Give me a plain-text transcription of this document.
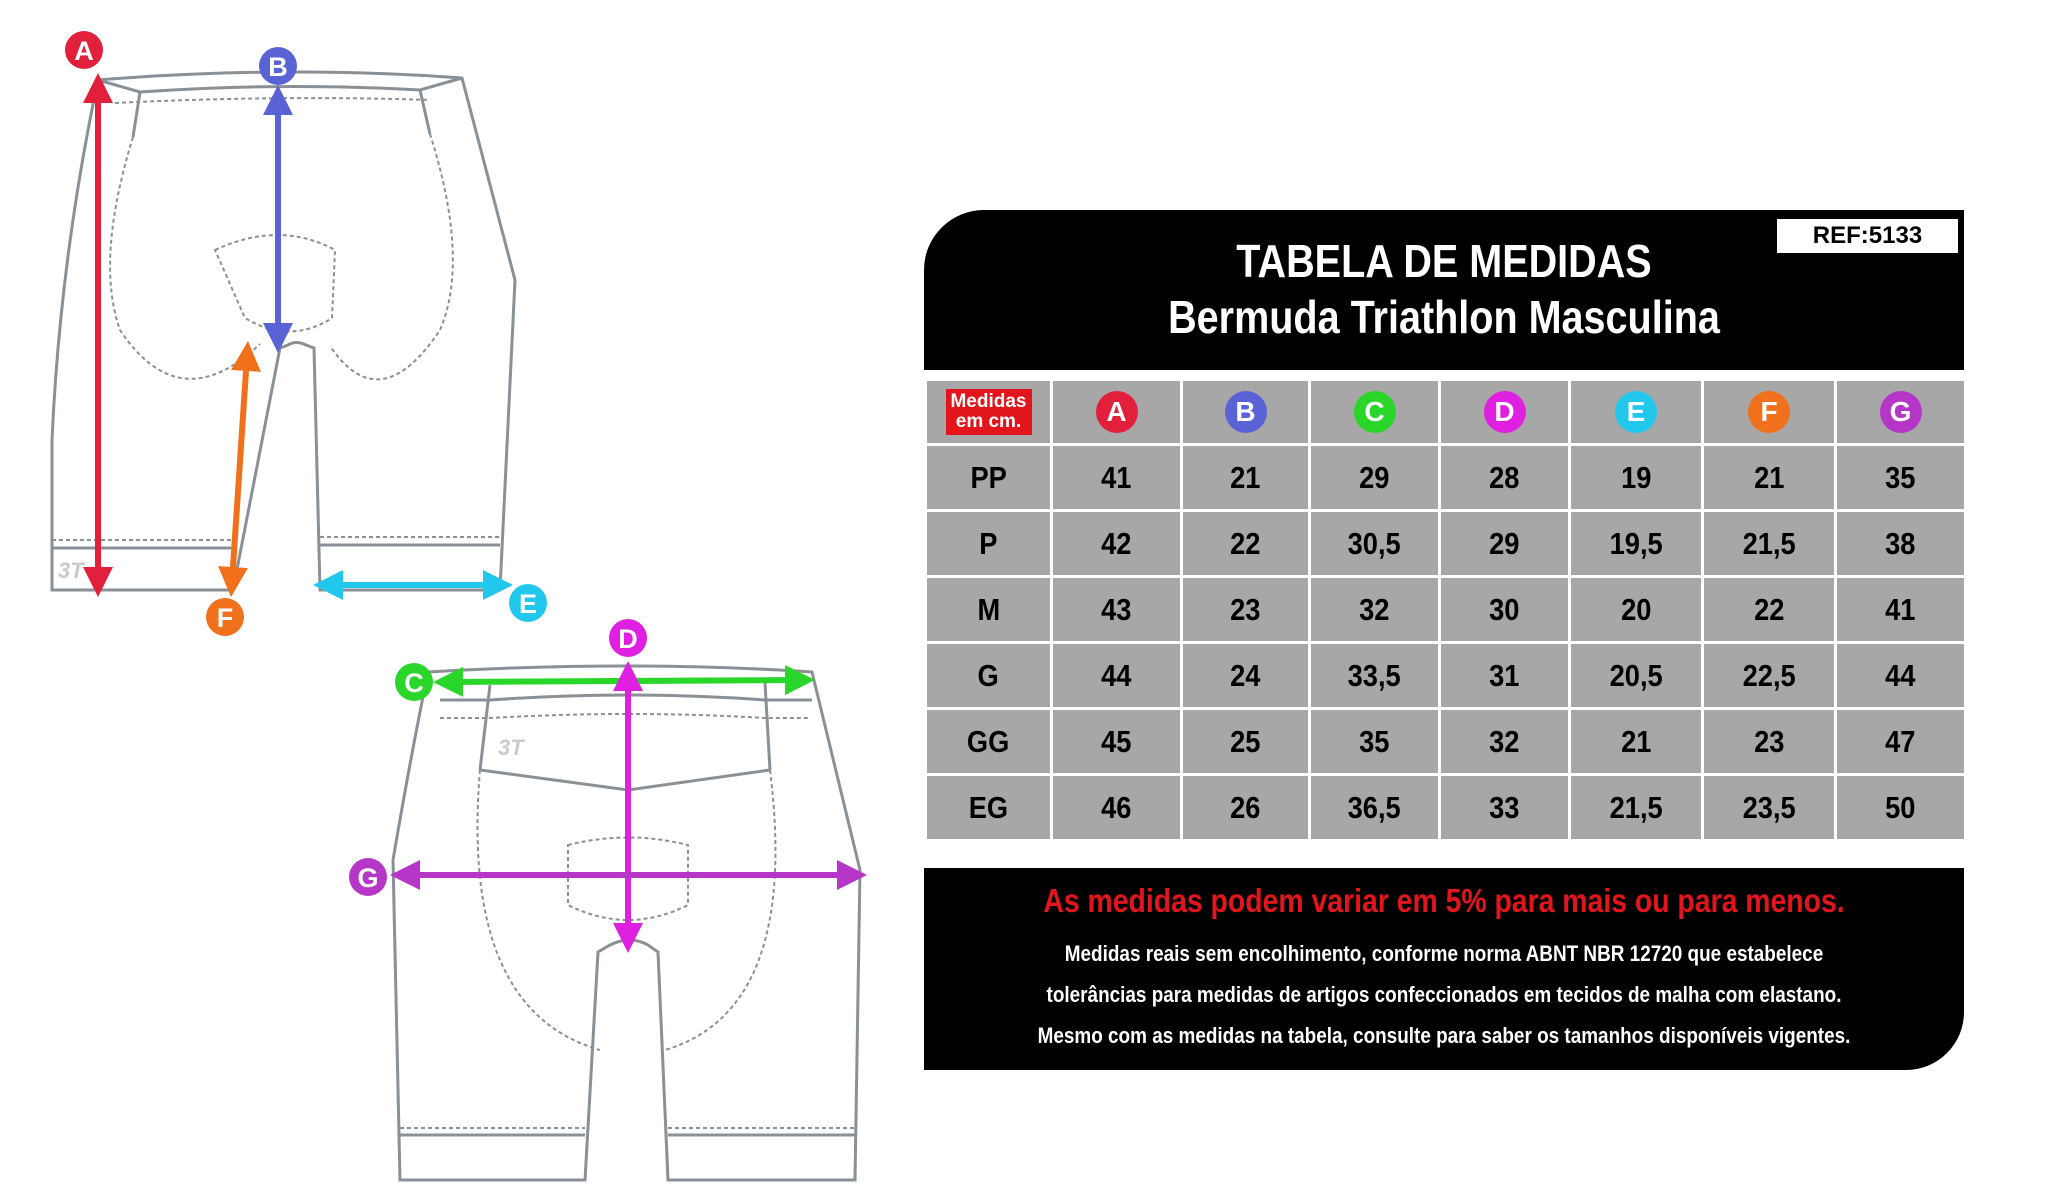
3T
3T
A
B
F	E
C
D
G
TABELA DE MEDIDAS
Bermuda Triathlon Masculina
REF:5133
Medidas
em cm.	A	B	C	D	E	F	G
PP	41	21	29	28	19	21	35
P	42	22	30,5	29	19,5	21,5	38
M	43	23	32	30	20	22	41
G	44	24	33,5	31	20,5	22,5	44
GG	45	25	35	32	21	23	47
EG	46	26	36,5	33	21,5	23,5	50
As medidas podem variar em 5% para mais ou para menos.
Medidas reais sem encolhimento, conforme norma ABNT NBR 12720 que estabelece
tolerâncias para medidas de artigos confeccionados em tecidos de malha com elastano.
Mesmo com as medidas na tabela, consulte para saber os tamanhos disponíveis vigentes.
